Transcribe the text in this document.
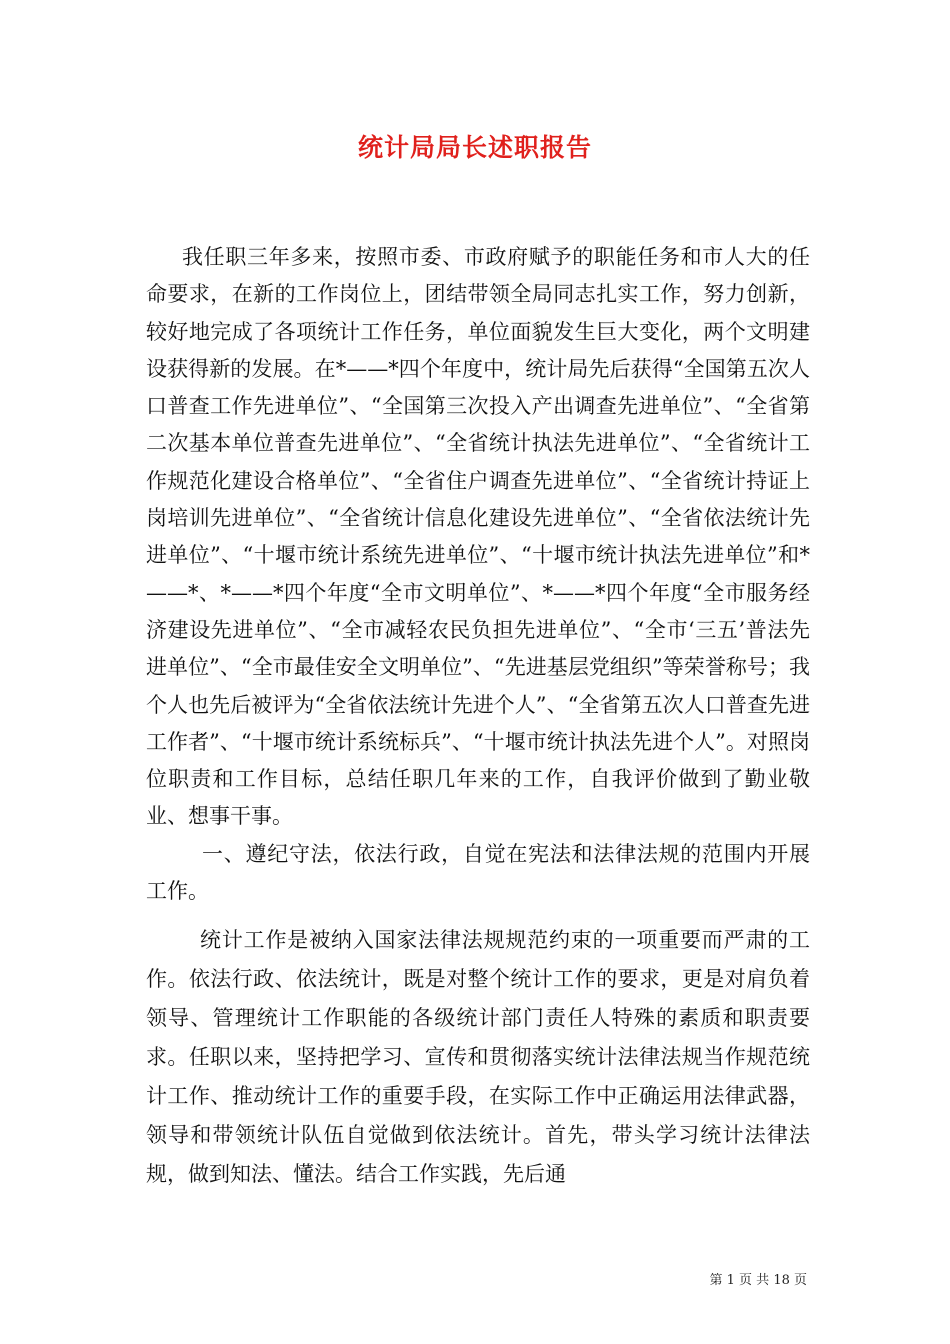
统计局局长述职报告

我任职三年多来，按照市委、市政府赋予的职能任务和市人大的任命要求，在新的工作岗位上，团结带领全局同志扎实工作，努力创新，较好地完成了各项统计工作任务，单位面貌发生巨大变化，两个文明建设获得新的发展。在*——*四个年度中，统计局先后获得“全国第五次人口普查工作先进单位”、“全国第三次投入产出调查先进单位”、“全省第二次基本单位普查先进单位”、“全省统计执法先进单位”、“全省统计工作规范化建设合格单位”、“全省住户调查先进单位”、“全省统计持证上岗培训先进单位”、“全省统计信息化建设先进单位”、“全省依法统计先进单位”、“十堰市统计系统先进单位”、“十堰市统计执法先进单位”和*——*、*——*四个年度“全市文明单位”、*——*四个年度“全市服务经济建设先进单位”、“全市减轻农民负担先进单位”、“全市‘三五’普法先进单位”、“全市最佳安全文明单位”、“先进基层党组织”等荣誉称号；我个人也先后被评为“全省依法统计先进个人”、“全省第五次人口普查先进工作者”、“十堰市统计系统标兵”、“十堰市统计执法先进个人”。对照岗位职责和工作目标，总结任职几年来的工作，自我评价做到了勤业敬业、想事干事。

一、遵纪守法，依法行政，自觉在宪法和法律法规的范围内开展工作。

统计工作是被纳入国家法律法规规范约束的一项重要而严肃的工作。依法行政、依法统计，既是对整个统计工作的要求，更是对肩负着领导、管理统计工作职能的各级统计部门责任人特殊的素质和职责要求。任职以来，坚持把学习、宣传和贯彻落实统计法律法规当作规范统计工作、推动统计工作的重要手段，在实际工作中正确运用法律武器，领导和带领统计队伍自觉做到依法统计。首先，带头学习统计法律法规，做到知法、懂法。结合工作实践，先后通

第 1 页 共 18 页
